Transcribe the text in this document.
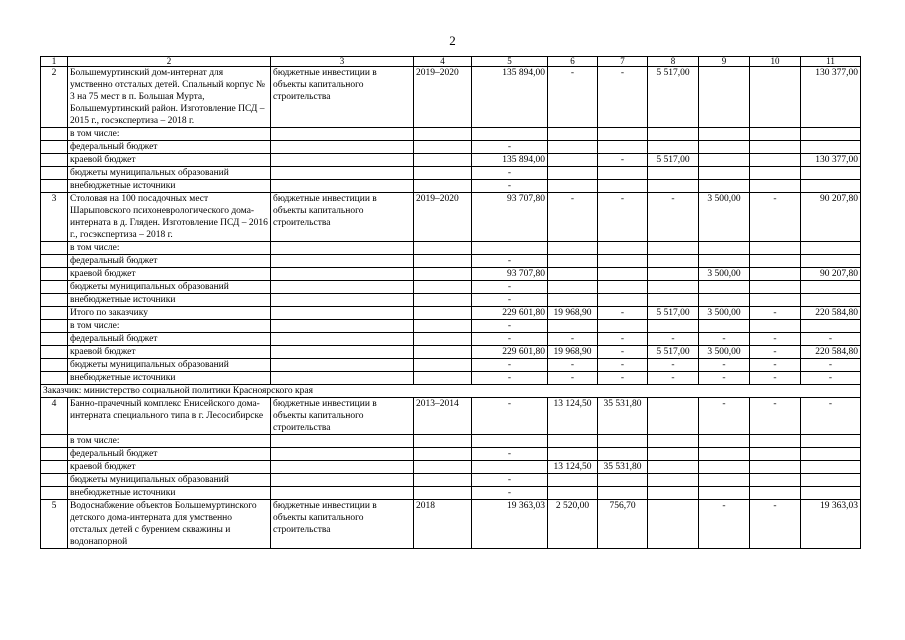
2
1	2	3	4	5	6	7	8	9	10	11
2	Большемуртинский дом-интернат для умственно отсталых детей. Спальный корпус № 3 на 75 мест в п. Большая Мурта, Большемуртинский район. Изготовление ПСД – 2015 г., госэкспертиза – 2018 г.	бюджетные инвестиции в объекты капитального строительства	2019–2020	135 894,00	-	-	5 517,00			130 377,00
	в том числе:									
	федеральный бюджет			-						
	краевой бюджет			135 894,00		-	5 517,00			130 377,00
	бюджеты муниципальных образований			-						
	внебюджетные источники			-						
3	Столовая на 100 посадочных мест Шарыповского психоневрологического дома-интерната в д. Гляден. Изготовление ПСД – 2016 г., госэкспертиза – 2018 г.	бюджетные инвестиции в объекты капитального строительства	2019–2020	93 707,80	-	-	-	3 500,00	-	90 207,80
	в том числе:									
	федеральный бюджет			-						
	краевой бюджет			93 707,80				3 500,00		90 207,80
	бюджеты муниципальных образований			-						
	внебюджетные источники			-						
	Итого по заказчику			229 601,80	19 968,90	-	5 517,00	3 500,00	-	220 584,80
	в том числе:			-						
	федеральный бюджет			-	-	-	-	-	-	-
	краевой бюджет			229 601,80	19 968,90	-	5 517,00	3 500,00	-	220 584,80
	бюджеты муниципальных образований			-	-	-	-	-	-	-
	внебюджетные источники			-	-	-	-	-	-	-
Заказчик: министерство социальной политики Красноярского края										
4	Банно-прачечный комплекс Енисейского дома-интерната специального типа в г. Лесосибирске	бюджетные инвестиции в объекты капитального строительства	2013–2014	-	13 124,50	35 531,80		-	-	-
	в том числе:									
	федеральный бюджет			-						
	краевой бюджет				13 124,50	35 531,80				
	бюджеты муниципальных образований			-						
	внебюджетные источники			-						
5	Водоснабжение объектов Большемуртинского детского дома-интерната для умственно отсталых детей с бурением скважины и водонапорной	бюджетные инвестиции в объекты капитального строительства	2018	19 363,03	2 520,00	756,70		-	-	19 363,03
